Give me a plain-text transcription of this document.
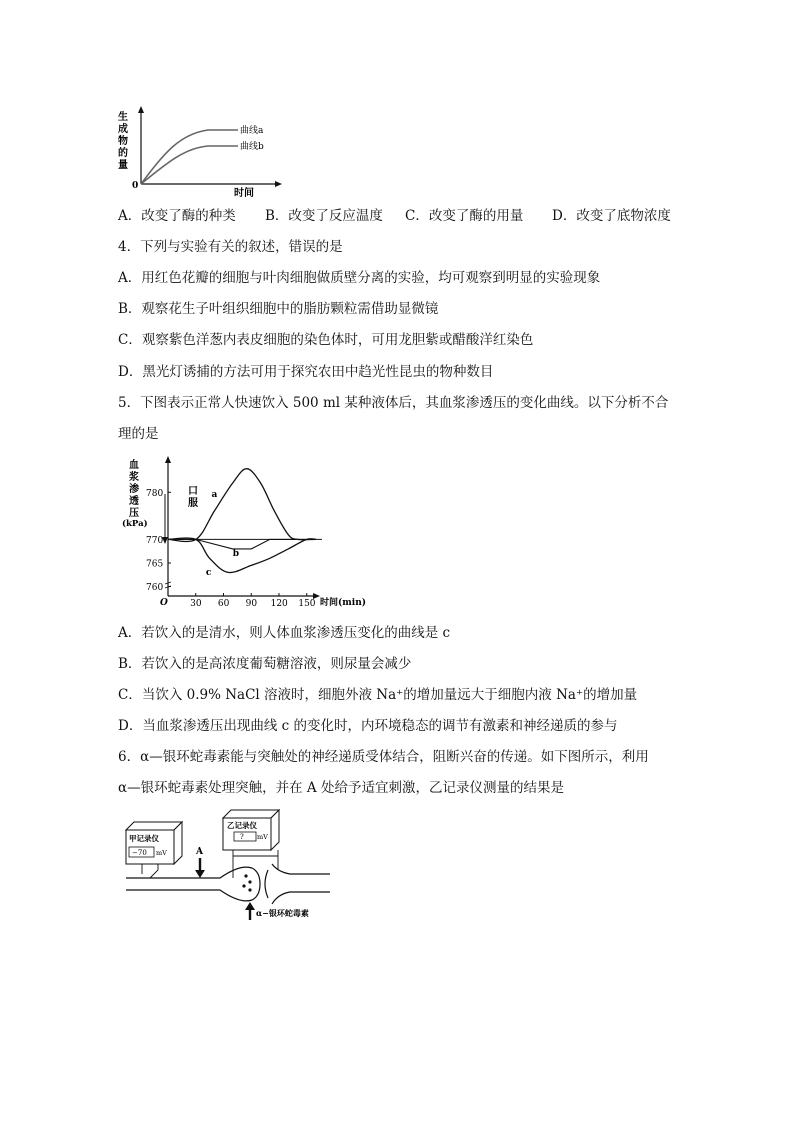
生
成
物
的
量
0
时间
曲线a
曲线b
A．改变了酶的种类 B．改变了反应温度 C．改变了酶的用量 D．改变了底物浓度
4．下列与实验有关的叙述，错误的是
A．用红色花瓣的细胞与叶肉细胞做质壁分离的实验，均可观察到明显的实验现象
B．观察花生子叶组织细胞中的脂肪颗粒需借助显微镜
C．观察紫色洋葱内表皮细胞的染色体时，可用龙胆紫或醋酸洋红染色
D．黑光灯诱捕的方法可用于探究农田中趋光性昆虫的物种数目
5．下图表示正常人快速饮入 500 ml 某种液体后，其血浆渗透压的变化曲线。以下分析不合
理的是
血
浆
渗
透
压
(kPa)
口
服
O	时间(min)
780
770
765
760
30 60 90 120 150
a
b
c
A．若饮入的是清水，则人体血浆渗透压变化的曲线是 c
B．若饮入的是高浓度葡萄糖溶液，则尿量会减少
C．当饮入 0.9% NaCl 溶液时，细胞外液 Na⁺的增加量远大于细胞内液 Na⁺的增加量
D．当血浆渗透压出现曲线 c 的变化时，内环境稳态的调节有激素和神经递质的参与
6．α—银环蛇毒素能与突触处的神经递质受体结合，阻断兴奋的传递。如下图所示，利用
α—银环蛇毒素处理突触，并在 A 处给予适宜刺激，乙记录仪测量的结果是
甲记录仪
−70 mV
乙记录仪
? mV
A
α−银环蛇毒素
